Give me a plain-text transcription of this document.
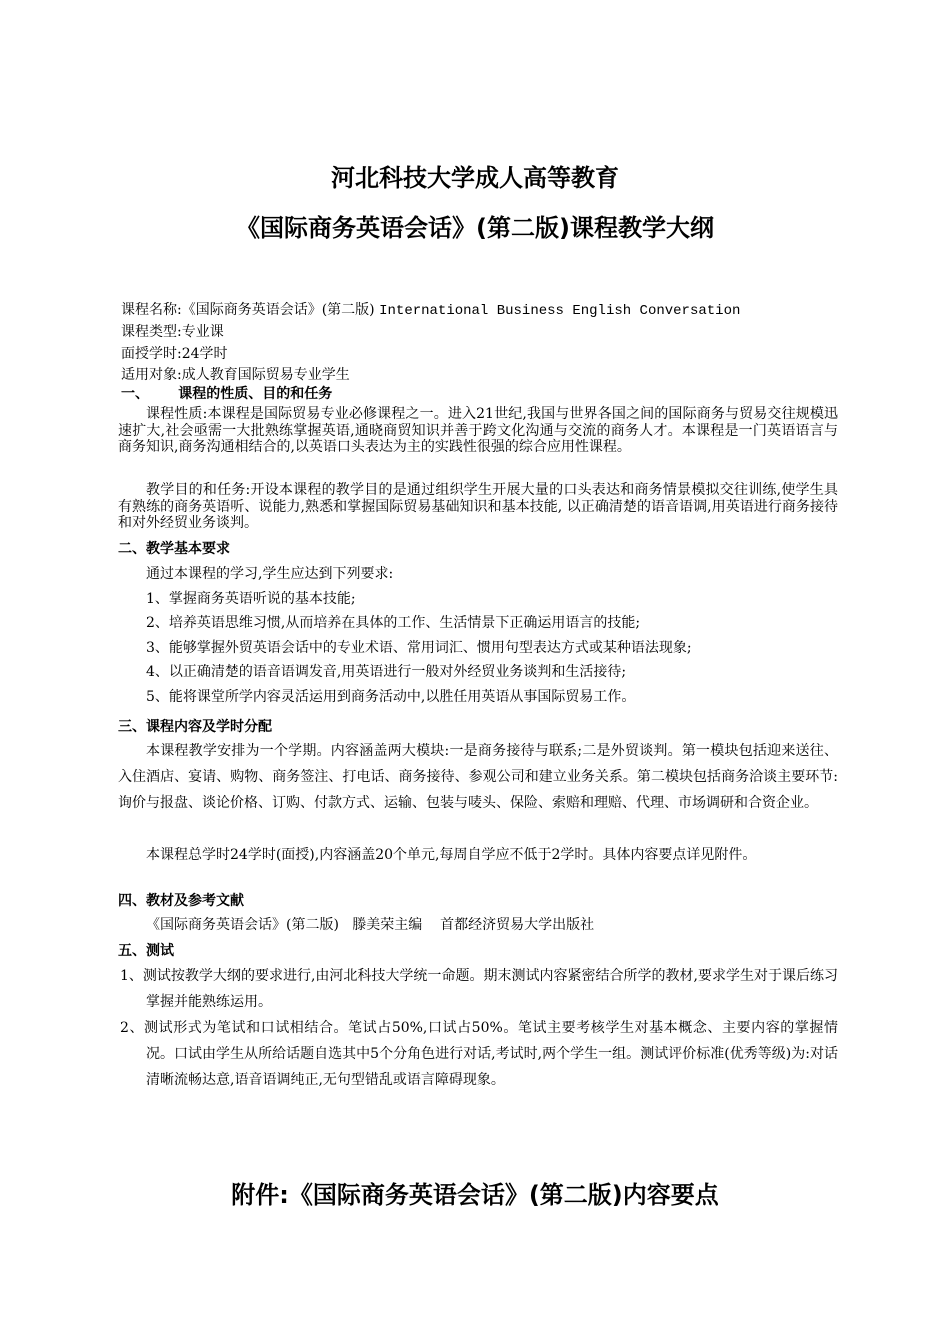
河北科技大学成人高等教育
《国际商务英语会话》(第二版)课程教学大纲

课程名称:《国际商务英语会话》(第二版) International Business English Conversation

课程类型:专业课

面授学时:24学时

适用对象:成人教育国际贸易专业学生

一、      课程的性质、目的和任务

课程性质:本课程是国际贸易专业必修课程之一。进入21世纪,我国与世界各国之间的国际商务与贸易交往规模迅速扩大,社会亟需一大批熟练掌握英语,通晓商贸知识并善于跨文化沟通与交流的商务人才。本课程是一门英语语言与商务知识,商务沟通相结合的,以英语口头表达为主的实践性很强的综合应用性课程。

教学目的和任务:开设本课程的教学目的是通过组织学生开展大量的口头表达和商务情景模拟交往训练,使学生具有熟练的商务英语听、说能力,熟悉和掌握国际贸易基础知识和基本技能, 以正确清楚的语音语调,用英语进行商务接待和对外经贸业务谈判。

二、教学基本要求

通过本课程的学习,学生应达到下列要求:

1、掌握商务英语听说的基本技能;

2、培养英语思维习惯,从而培养在具体的工作、生活情景下正确运用语言的技能;

3、能够掌握外贸英语会话中的专业术语、常用词汇、惯用句型表达方式或某种语法现象;

4、以正确清楚的语音语调发音,用英语进行一般对外经贸业务谈判和生活接待;

5、能将课堂所学内容灵活运用到商务活动中,以胜任用英语从事国际贸易工作。

三、课程内容及学时分配

本课程教学安排为一个学期。内容涵盖两大模块:一是商务接待与联系;二是外贸谈判。第一模块包括迎来送往、入住酒店、宴请、购物、商务签注、打电话、商务接待、参观公司和建立业务关系。第二模块包括商务洽谈主要环节:询价与报盘、谈论价格、订购、付款方式、运输、包装与唛头、保险、索赔和理赔、代理、市场调研和合资企业。

本课程总学时24学时(面授),内容涵盖20个单元,每周自学应不低于2学时。具体内容要点详见附件。

四、教材及参考文献

《国际商务英语会话》(第二版)   滕美荣主编    首都经济贸易大学出版社

五、测试

1、测试按教学大纲的要求进行,由河北科技大学统一命题。期末测试内容紧密结合所学的教材,要求学生对于课后练习掌握并能熟练运用。

2、测试形式为笔试和口试相结合。笔试占50%,口试占50%。笔试主要考核学生对基本概念、主要内容的掌握情况。口试由学生从所给话题自选其中5个分角色进行对话,考试时,两个学生一组。测试评价标准(优秀等级)为:对话清晰流畅达意,语音语调纯正,无句型错乱或语言障碍现象。

附件:《国际商务英语会话》(第二版)内容要点
